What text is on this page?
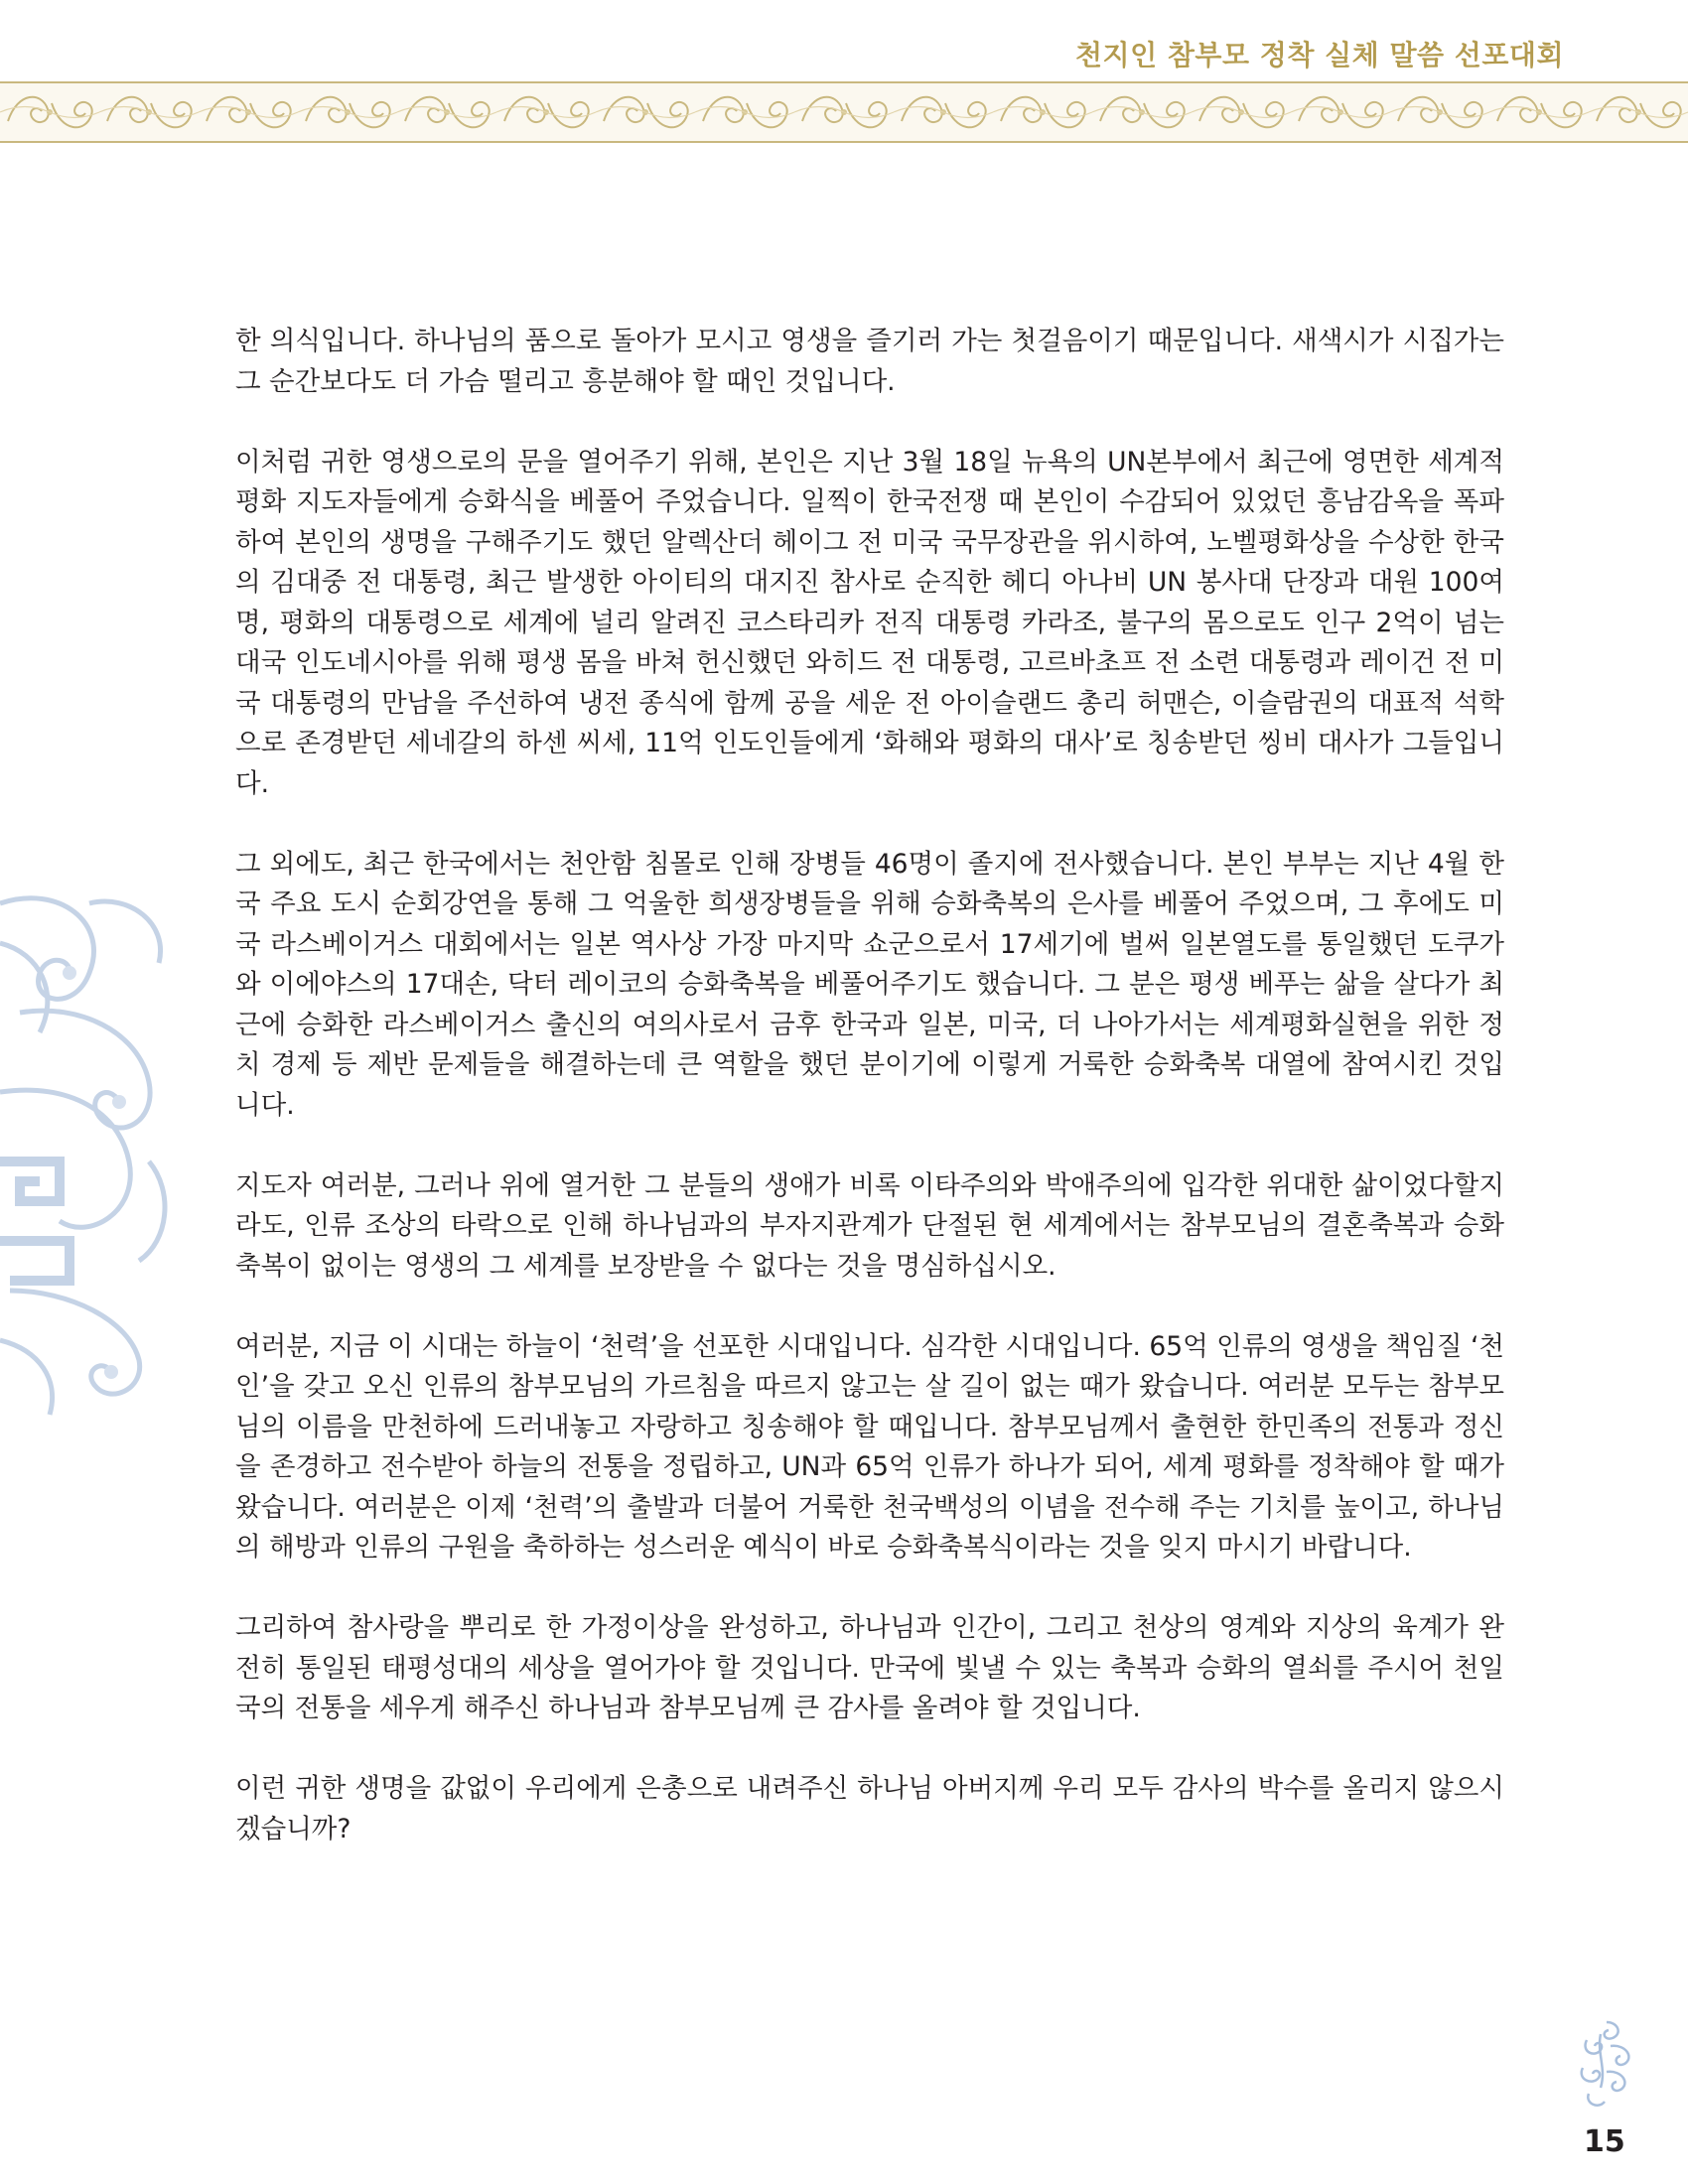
천지인 참부모 정착 실체 말씀 선포대회

한 의식입니다. 하나님의 품으로 돌아가 모시고 영생을 즐기러 가는 첫걸음이기 때문입니다. 새색시가 시집가는 그 순간보다도 더 가슴 떨리고 흥분해야 할 때인 것입니다.

이처럼 귀한 영생으로의 문을 열어주기 위해, 본인은 지난 3월 18일 뉴욕의 UN본부에서 최근에 영면한 세계적 평화 지도자들에게 승화식을 베풀어 주었습니다. 일찍이 한국전쟁 때 본인이 수감되어 있었던 흥남감옥을 폭파하여 본인의 생명을 구해주기도 했던 알렉산더 헤이그 전 미국 국무장관을 위시하여, 노벨평화상을 수상한 한국의 김대중 전 대통령, 최근 발생한 아이티의 대지진 참사로 순직한 헤디 아나비 UN 봉사대 단장과 대원 100여명, 평화의 대통령으로 세계에 널리 알려진 코스타리카 전직 대통령 카라조, 불구의 몸으로도 인구 2억이 넘는 대국 인도네시아를 위해 평생 몸을 바쳐 헌신했던 와히드 전 대통령, 고르바초프 전 소련 대통령과 레이건 전 미국 대통령의 만남을 주선하여 냉전 종식에 함께 공을 세운 전 아이슬랜드 총리 허맨슨, 이슬람권의 대표적 석학으로 존경받던 세네갈의 하센 씨세, 11억 인도인들에게 ‘화해와 평화의 대사’로 칭송받던 씽비 대사가 그들입니다.

그 외에도, 최근 한국에서는 천안함 침몰로 인해 장병들 46명이 졸지에 전사했습니다. 본인 부부는 지난 4월 한국 주요 도시 순회강연을 통해 그 억울한 희생장병들을 위해 승화축복의 은사를 베풀어 주었으며, 그 후에도 미국 라스베이거스 대회에서는 일본 역사상 가장 마지막 쇼군으로서 17세기에 벌써 일본열도를 통일했던 도쿠가와 이에야스의 17대손, 닥터 레이코의 승화축복을 베풀어주기도 했습니다. 그 분은 평생 베푸는 삶을 살다가 최근에 승화한 라스베이거스 출신의 여의사로서 금후 한국과 일본, 미국, 더 나아가서는 세계평화실현을 위한 정치 경제 등 제반 문제들을 해결하는데 큰 역할을 했던 분이기에 이렇게 거룩한 승화축복 대열에 참여시킨 것입니다.

지도자 여러분, 그러나 위에 열거한 그 분들의 생애가 비록 이타주의와 박애주의에 입각한 위대한 삶이었다할지라도, 인류 조상의 타락으로 인해 하나님과의 부자지관계가 단절된 현 세계에서는 참부모님의 결혼축복과 승화축복이 없이는 영생의 그 세계를 보장받을 수 없다는 것을 명심하십시오.

여러분, 지금 이 시대는 하늘이 ‘천력’을 선포한 시대입니다. 심각한 시대입니다. 65억 인류의 영생을 책임질 ‘천인’을 갖고 오신 인류의 참부모님의 가르침을 따르지 않고는 살 길이 없는 때가 왔습니다. 여러분 모두는 참부모님의 이름을 만천하에 드러내놓고 자랑하고 칭송해야 할 때입니다. 참부모님께서 출현한 한민족의 전통과 정신을 존경하고 전수받아 하늘의 전통을 정립하고, UN과 65억 인류가 하나가 되어, 세계 평화를 정착해야 할 때가 왔습니다. 여러분은 이제 ‘천력’의 출발과 더불어 거룩한 천국백성의 이념을 전수해 주는 기치를 높이고, 하나님의 해방과 인류의 구원을 축하하는 성스러운 예식이 바로 승화축복식이라는 것을 잊지 마시기 바랍니다.

그리하여 참사랑을 뿌리로 한 가정이상을 완성하고, 하나님과 인간이, 그리고 천상의 영계와 지상의 육계가 완전히 통일된 태평성대의 세상을 열어가야 할 것입니다. 만국에 빛낼 수 있는 축복과 승화의 열쇠를 주시어 천일국의 전통을 세우게 해주신 하나님과 참부모님께 큰 감사를 올려야 할 것입니다.

이런 귀한 생명을 값없이 우리에게 은총으로 내려주신 하나님 아버지께 우리 모두 감사의 박수를 올리지 않으시겠습니까?

15
